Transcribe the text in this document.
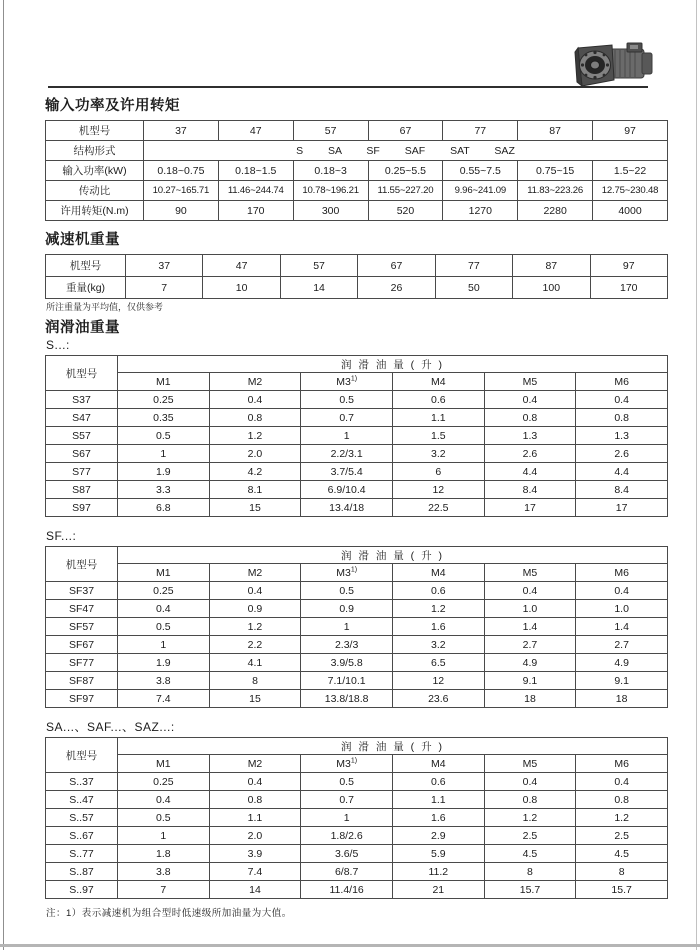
输入功率及许用转矩
机型号	37	47	57	67	77	87	97
结构形式	S SA SF SAF SAT SAZ						
输入功率(kW)	0.18~0.75	0.18~1.5	0.18~3	0.25~5.5	0.55~7.5	0.75~15	1.5~22
传动比	10.27~165.71	11.46~244.74	10.78~196.21	11.55~227.20	9.96~241.09	11.83~223.26	12.75~230.48
许用转矩(N.m)	90	170	300	520	1270	2280	4000
减速机重量
机型号	37	47	57	67	77	87	97
重量(kg)	7	10	14	26	50	100	170
所注重量为平均值，仅供参考
润滑油重量
S...:
机型号	润 滑 油 量 ( 升 )					
	M1	M2	M3$^{1)}$	M4	M5	M6
S37	0.25	0.4	0.5	0.6	0.4	0.4
S47	0.35	0.8	0.7	1.1	0.8	0.8
S57	0.5	1.2	1	1.5	1.3	1.3
S67	1	2.0	2.2/3.1	3.2	2.6	2.6
S77	1.9	4.2	3.7/5.4	6	4.4	4.4
S87	3.3	8.1	6.9/10.4	12	8.4	8.4
S97	6.8	15	13.4/18	22.5	17	17
SF...:
机型号	润 滑 油 量 ( 升 )					
	M1	M2	M3$^{1)}$	M4	M5	M6
SF37	0.25	0.4	0.5	0.6	0.4	0.4
SF47	0.4	0.9	0.9	1.2	1.0	1.0
SF57	0.5	1.2	1	1.6	1.4	1.4
SF67	1	2.2	2.3/3	3.2	2.7	2.7
SF77	1.9	4.1	3.9/5.8	6.5	4.9	4.9
SF87	3.8	8	7.1/10.1	12	9.1	9.1
SF97	7.4	15	13.8/18.8	23.6	18	18
SA...、SAF...、SAZ...:
机型号	润 滑 油 量 ( 升 )					
	M1	M2	M3$^{1)}$	M4	M5	M6
S..37	0.25	0.4	0.5	0.6	0.4	0.4
S..47	0.4	0.8	0.7	1.1	0.8	0.8
S..57	0.5	1.1	1	1.6	1.2	1.2
S..67	1	2.0	1.8/2.6	2.9	2.5	2.5
S..77	1.8	3.9	3.6/5	5.9	4.5	4.5
S..87	3.8	7.4	6/8.7	11.2	8	8
S..97	7	14	11.4/16	21	15.7	15.7
注：1）表示减速机为组合型时低速级所加油量为大值。
